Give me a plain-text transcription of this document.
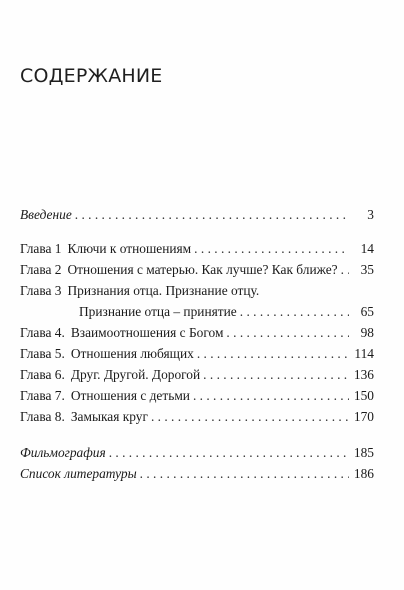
СОДЕРЖАНИЕ
Введение . . .	3
Глава 1 Ключи к отношениям . . .	14
Глава 2 Отношения с матерью. Как лучше? Как ближе? . . .	35
Глава 3 Признания отца. Признание отцу.
Признание отца – принятие . . .	65
Глава 4. Взаимоотношения с Богом . . .	98
Глава 5. Отношения любящих . . .	114
Глава 6. Друг. Другой. Дорогой . . .	136
Глава 7. Отношения с детьми . . .	150
Глава 8. Замыкая круг . . .	170
Фильмография . . .	185
Список литературы . . .	186
